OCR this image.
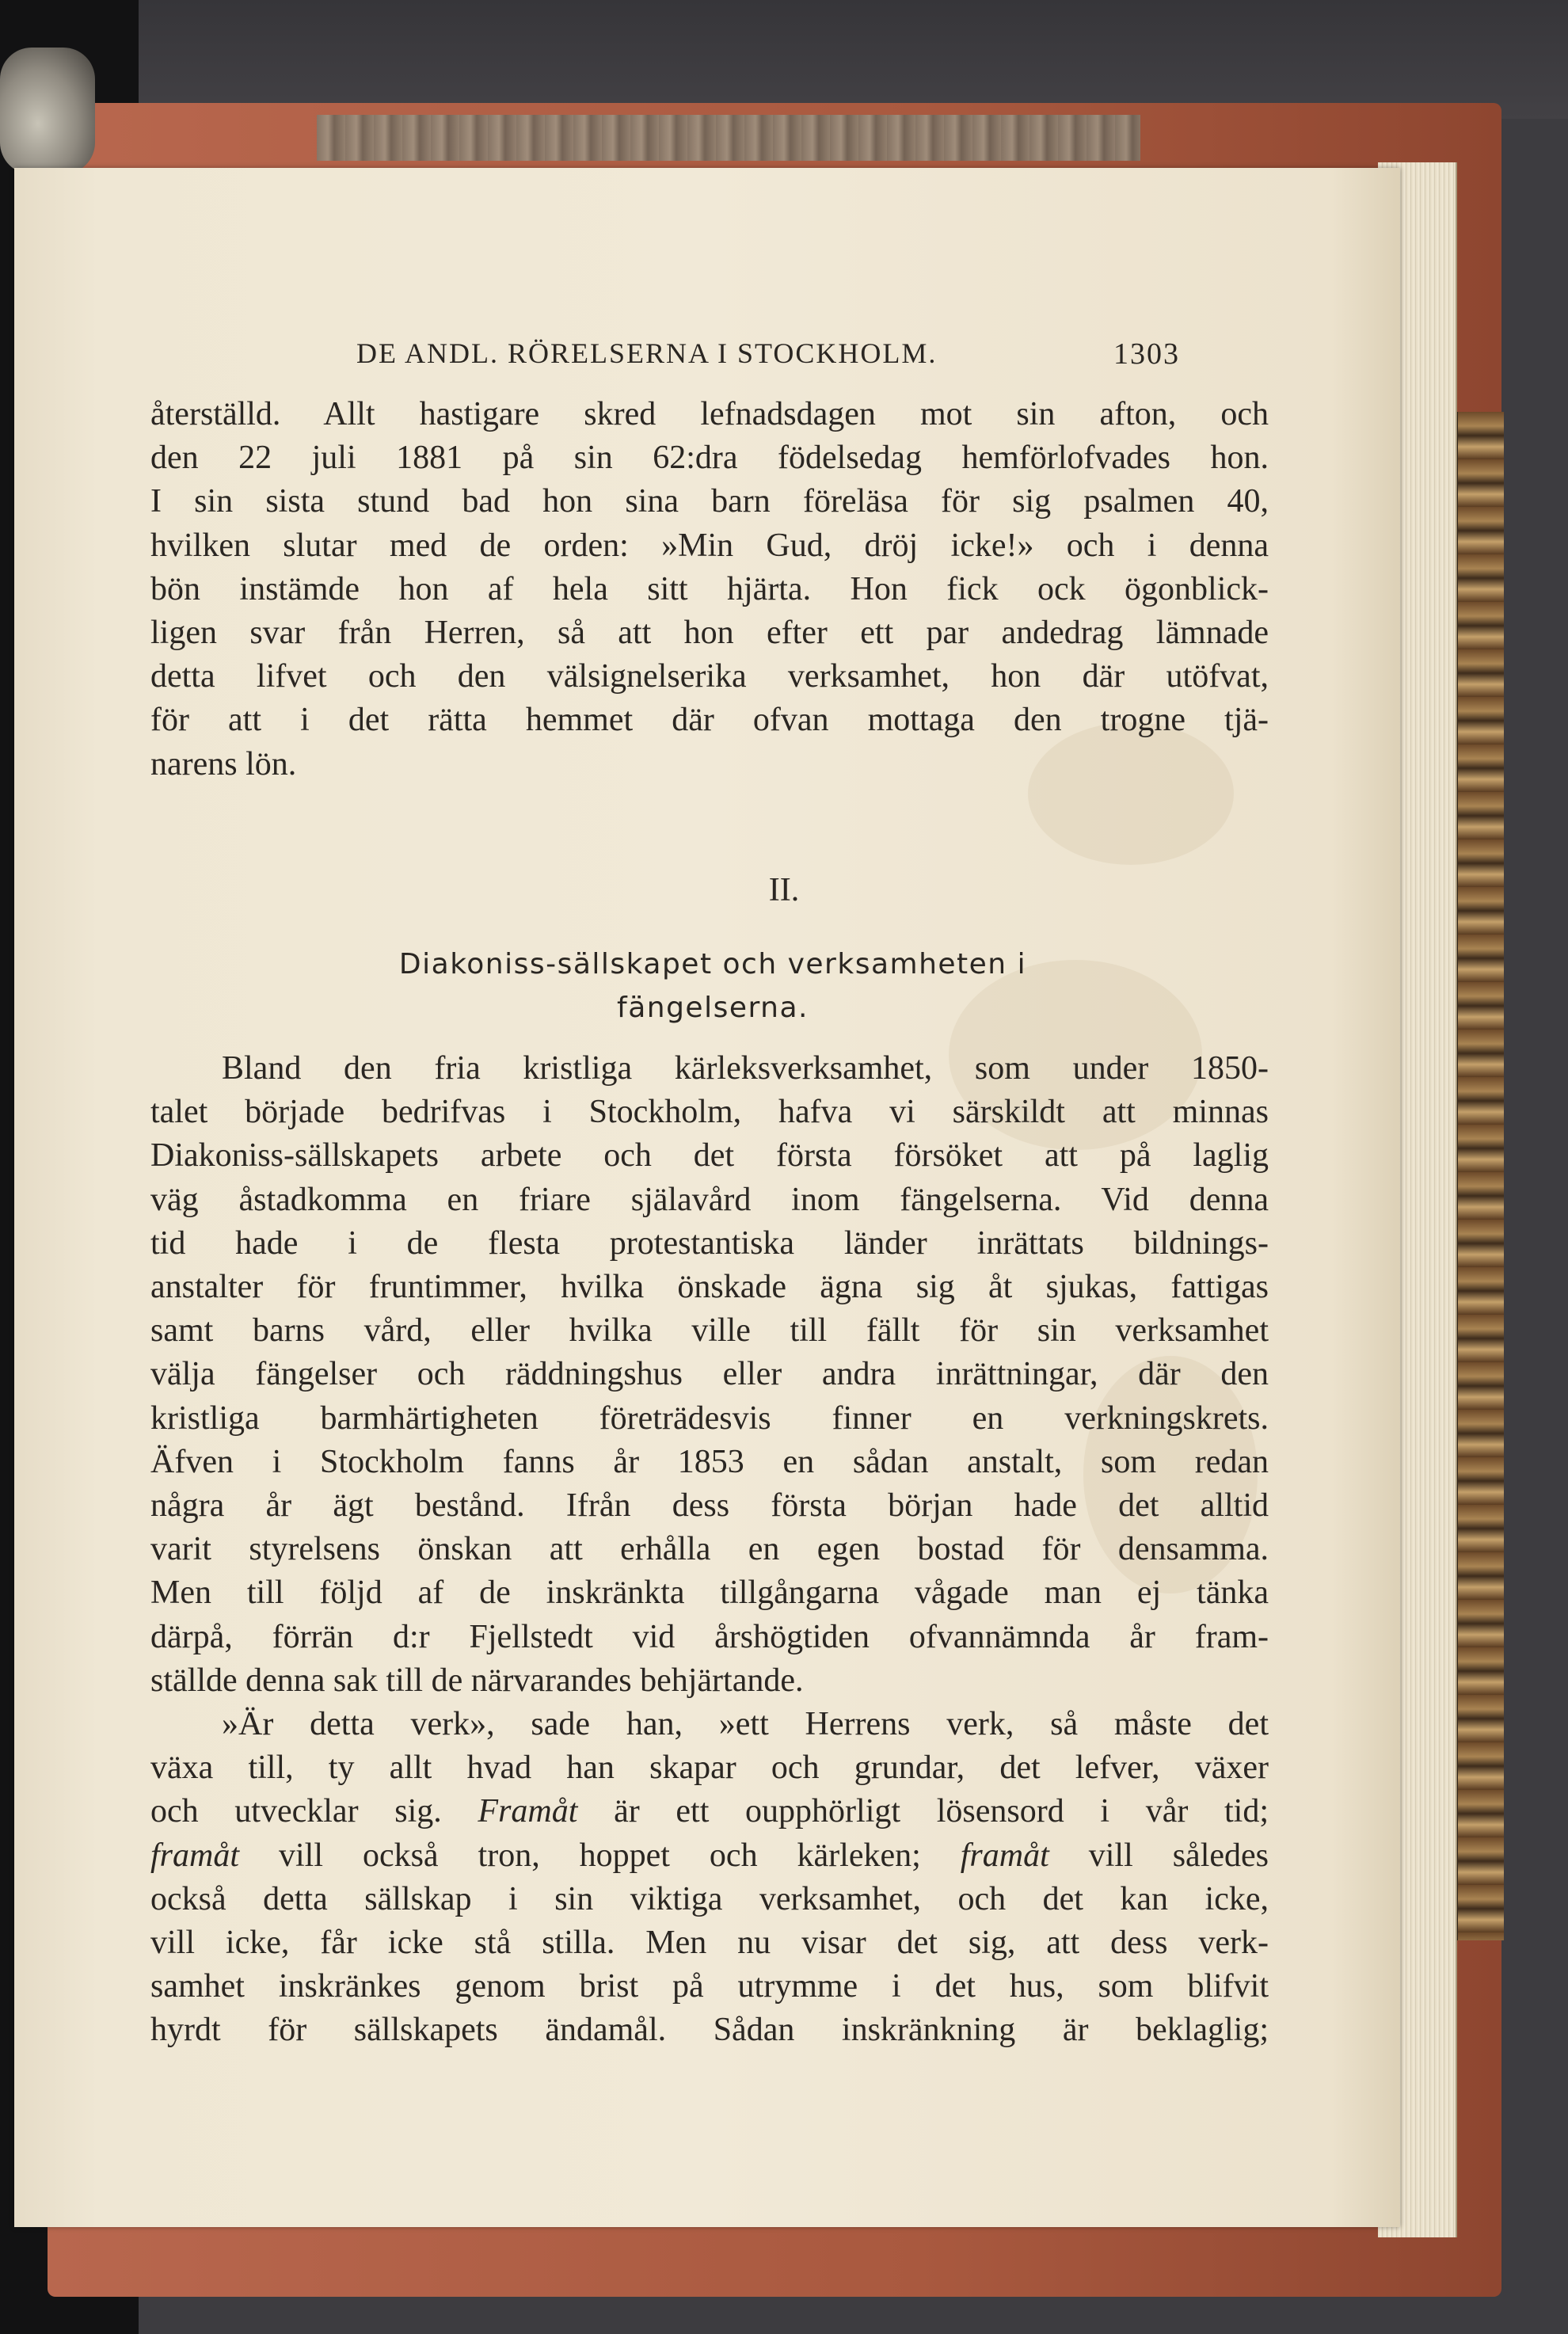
DE ANDL. RÖRELSERNA I STOCKHOLM.	1303
återställd. Allt hastigare skred lefnadsdagen mot sin afton, och
den 22 juli 1881 på sin 62:dra födelsedag hemförlofvades hon.
I sin sista stund bad hon sina barn föreläsa för sig psalmen 40,
hvilken slutar med de orden: »Min Gud, dröj icke!» och i denna
bön instämde hon af hela sitt hjärta. Hon fick ock ögonblick-
ligen svar från Herren, så att hon efter ett par andedrag lämnade
detta lifvet och den välsignelserika verksamhet, hon där utöfvat,
för att i det rätta hemmet där ofvan mottaga den trogne tjä-
narens lön.
II.
Diakoniss-sällskapet och verksamheten i
fängelserna.
Bland den fria kristliga kärleksverksamhet, som under 1850-
talet började bedrifvas i Stockholm, hafva vi särskildt att minnas
Diakoniss-sällskapets arbete och det första försöket att på laglig
väg åstadkomma en friare själavård inom fängelserna. Vid denna
tid hade i de flesta protestantiska länder inrättats bildnings-
anstalter för fruntimmer, hvilka önskade ägna sig åt sjukas, fattigas
samt barns vård, eller hvilka ville till fällt för sin verksamhet
välja fängelser och räddningshus eller andra inrättningar, där den
kristliga barmhärtigheten företrädesvis finner en verkningskrets.
Äfven i Stockholm fanns år 1853 en sådan anstalt, som redan
några år ägt bestånd. Ifrån dess första början hade det alltid
varit styrelsens önskan att erhålla en egen bostad för densamma.
Men till följd af de inskränkta tillgångarna vågade man ej tänka
därpå, förrän d:r Fjellstedt vid årshögtiden ofvannämnda år fram-
ställde denna sak till de närvarandes behjärtande.
»Är detta verk», sade han, »ett Herrens verk, så måste det
växa till, ty allt hvad han skapar och grundar, det lefver, växer
och utvecklar sig. Framåt är ett oupphörligt lösensord i vår tid;
framåt vill också tron, hoppet och kärleken; framåt vill således
också detta sällskap i sin viktiga verksamhet, och det kan icke,
vill icke, får icke stå stilla. Men nu visar det sig, att dess verk-
samhet inskränkes genom brist på utrymme i det hus, som blifvit
hyrdt för sällskapets ändamål. Sådan inskränkning är beklaglig;
